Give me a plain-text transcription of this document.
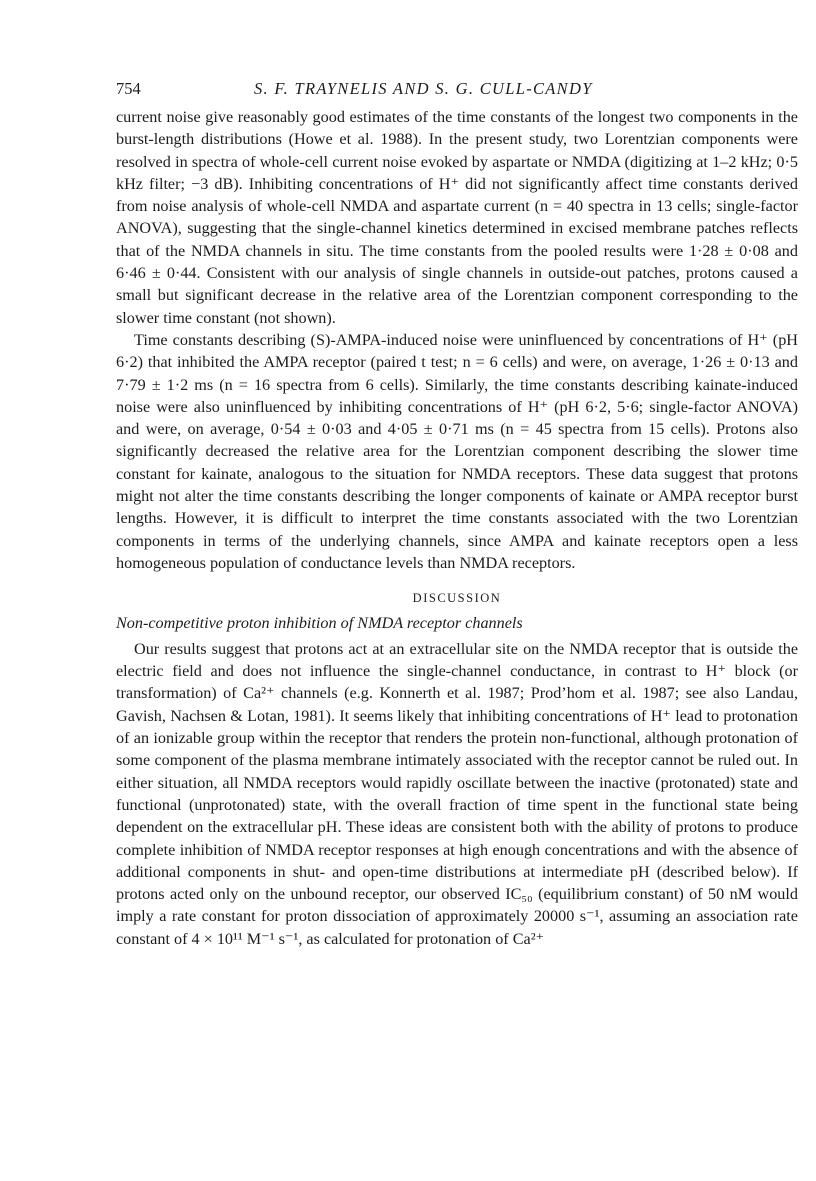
754	S. F. TRAYNELIS AND S. G. CULL-CANDY

current noise give reasonably good estimates of the time constants of the longest two components in the burst-length distributions (Howe et al. 1988). In the present study, two Lorentzian components were resolved in spectra of whole-cell current noise evoked by aspartate or NMDA (digitizing at 1–2 kHz; 0·5 kHz filter; −3 dB). Inhibiting concentrations of H⁺ did not significantly affect time constants derived from noise analysis of whole-cell NMDA and aspartate current (n = 40 spectra in 13 cells; single-factor ANOVA), suggesting that the single-channel kinetics determined in excised membrane patches reflects that of the NMDA channels in situ. The time constants from the pooled results were 1·28 ± 0·08 and 6·46 ± 0·44. Consistent with our analysis of single channels in outside-out patches, protons caused a small but significant decrease in the relative area of the Lorentzian component corresponding to the slower time constant (not shown).

Time constants describing (S)-AMPA-induced noise were uninfluenced by concentrations of H⁺ (pH 6·2) that inhibited the AMPA receptor (paired t test; n = 6 cells) and were, on average, 1·26 ± 0·13 and 7·79 ± 1·2 ms (n = 16 spectra from 6 cells). Similarly, the time constants describing kainate-induced noise were also uninfluenced by inhibiting concentrations of H⁺ (pH 6·2, 5·6; single-factor ANOVA) and were, on average, 0·54 ± 0·03 and 4·05 ± 0·71 ms (n = 45 spectra from 15 cells). Protons also significantly decreased the relative area for the Lorentzian component describing the slower time constant for kainate, analogous to the situation for NMDA receptors. These data suggest that protons might not alter the time constants describing the longer components of kainate or AMPA receptor burst lengths. However, it is difficult to interpret the time constants associated with the two Lorentzian components in terms of the underlying channels, since AMPA and kainate receptors open a less homogeneous population of conductance levels than NMDA receptors.

DISCUSSION
Non-competitive proton inhibition of NMDA receptor channels

Our results suggest that protons act at an extracellular site on the NMDA receptor that is outside the electric field and does not influence the single-channel conductance, in contrast to H⁺ block (or transformation) of Ca²⁺ channels (e.g. Konnerth et al. 1987; Prod’hom et al. 1987; see also Landau, Gavish, Nachsen & Lotan, 1981). It seems likely that inhibiting concentrations of H⁺ lead to protonation of an ionizable group within the receptor that renders the protein non-functional, although protonation of some component of the plasma membrane intimately associated with the receptor cannot be ruled out. In either situation, all NMDA receptors would rapidly oscillate between the inactive (protonated) state and functional (unprotonated) state, with the overall fraction of time spent in the functional state being dependent on the extracellular pH. These ideas are consistent both with the ability of protons to produce complete inhibition of NMDA receptor responses at high enough concentrations and with the absence of additional components in shut- and open-time distributions at intermediate pH (described below). If protons acted only on the unbound receptor, our observed IC₅₀ (equilibrium constant) of 50 nM would imply a rate constant for proton dissociation of approximately 20000 s⁻¹, assuming an association rate constant of 4 × 10¹¹ M⁻¹ s⁻¹, as calculated for protonation of Ca²⁺
